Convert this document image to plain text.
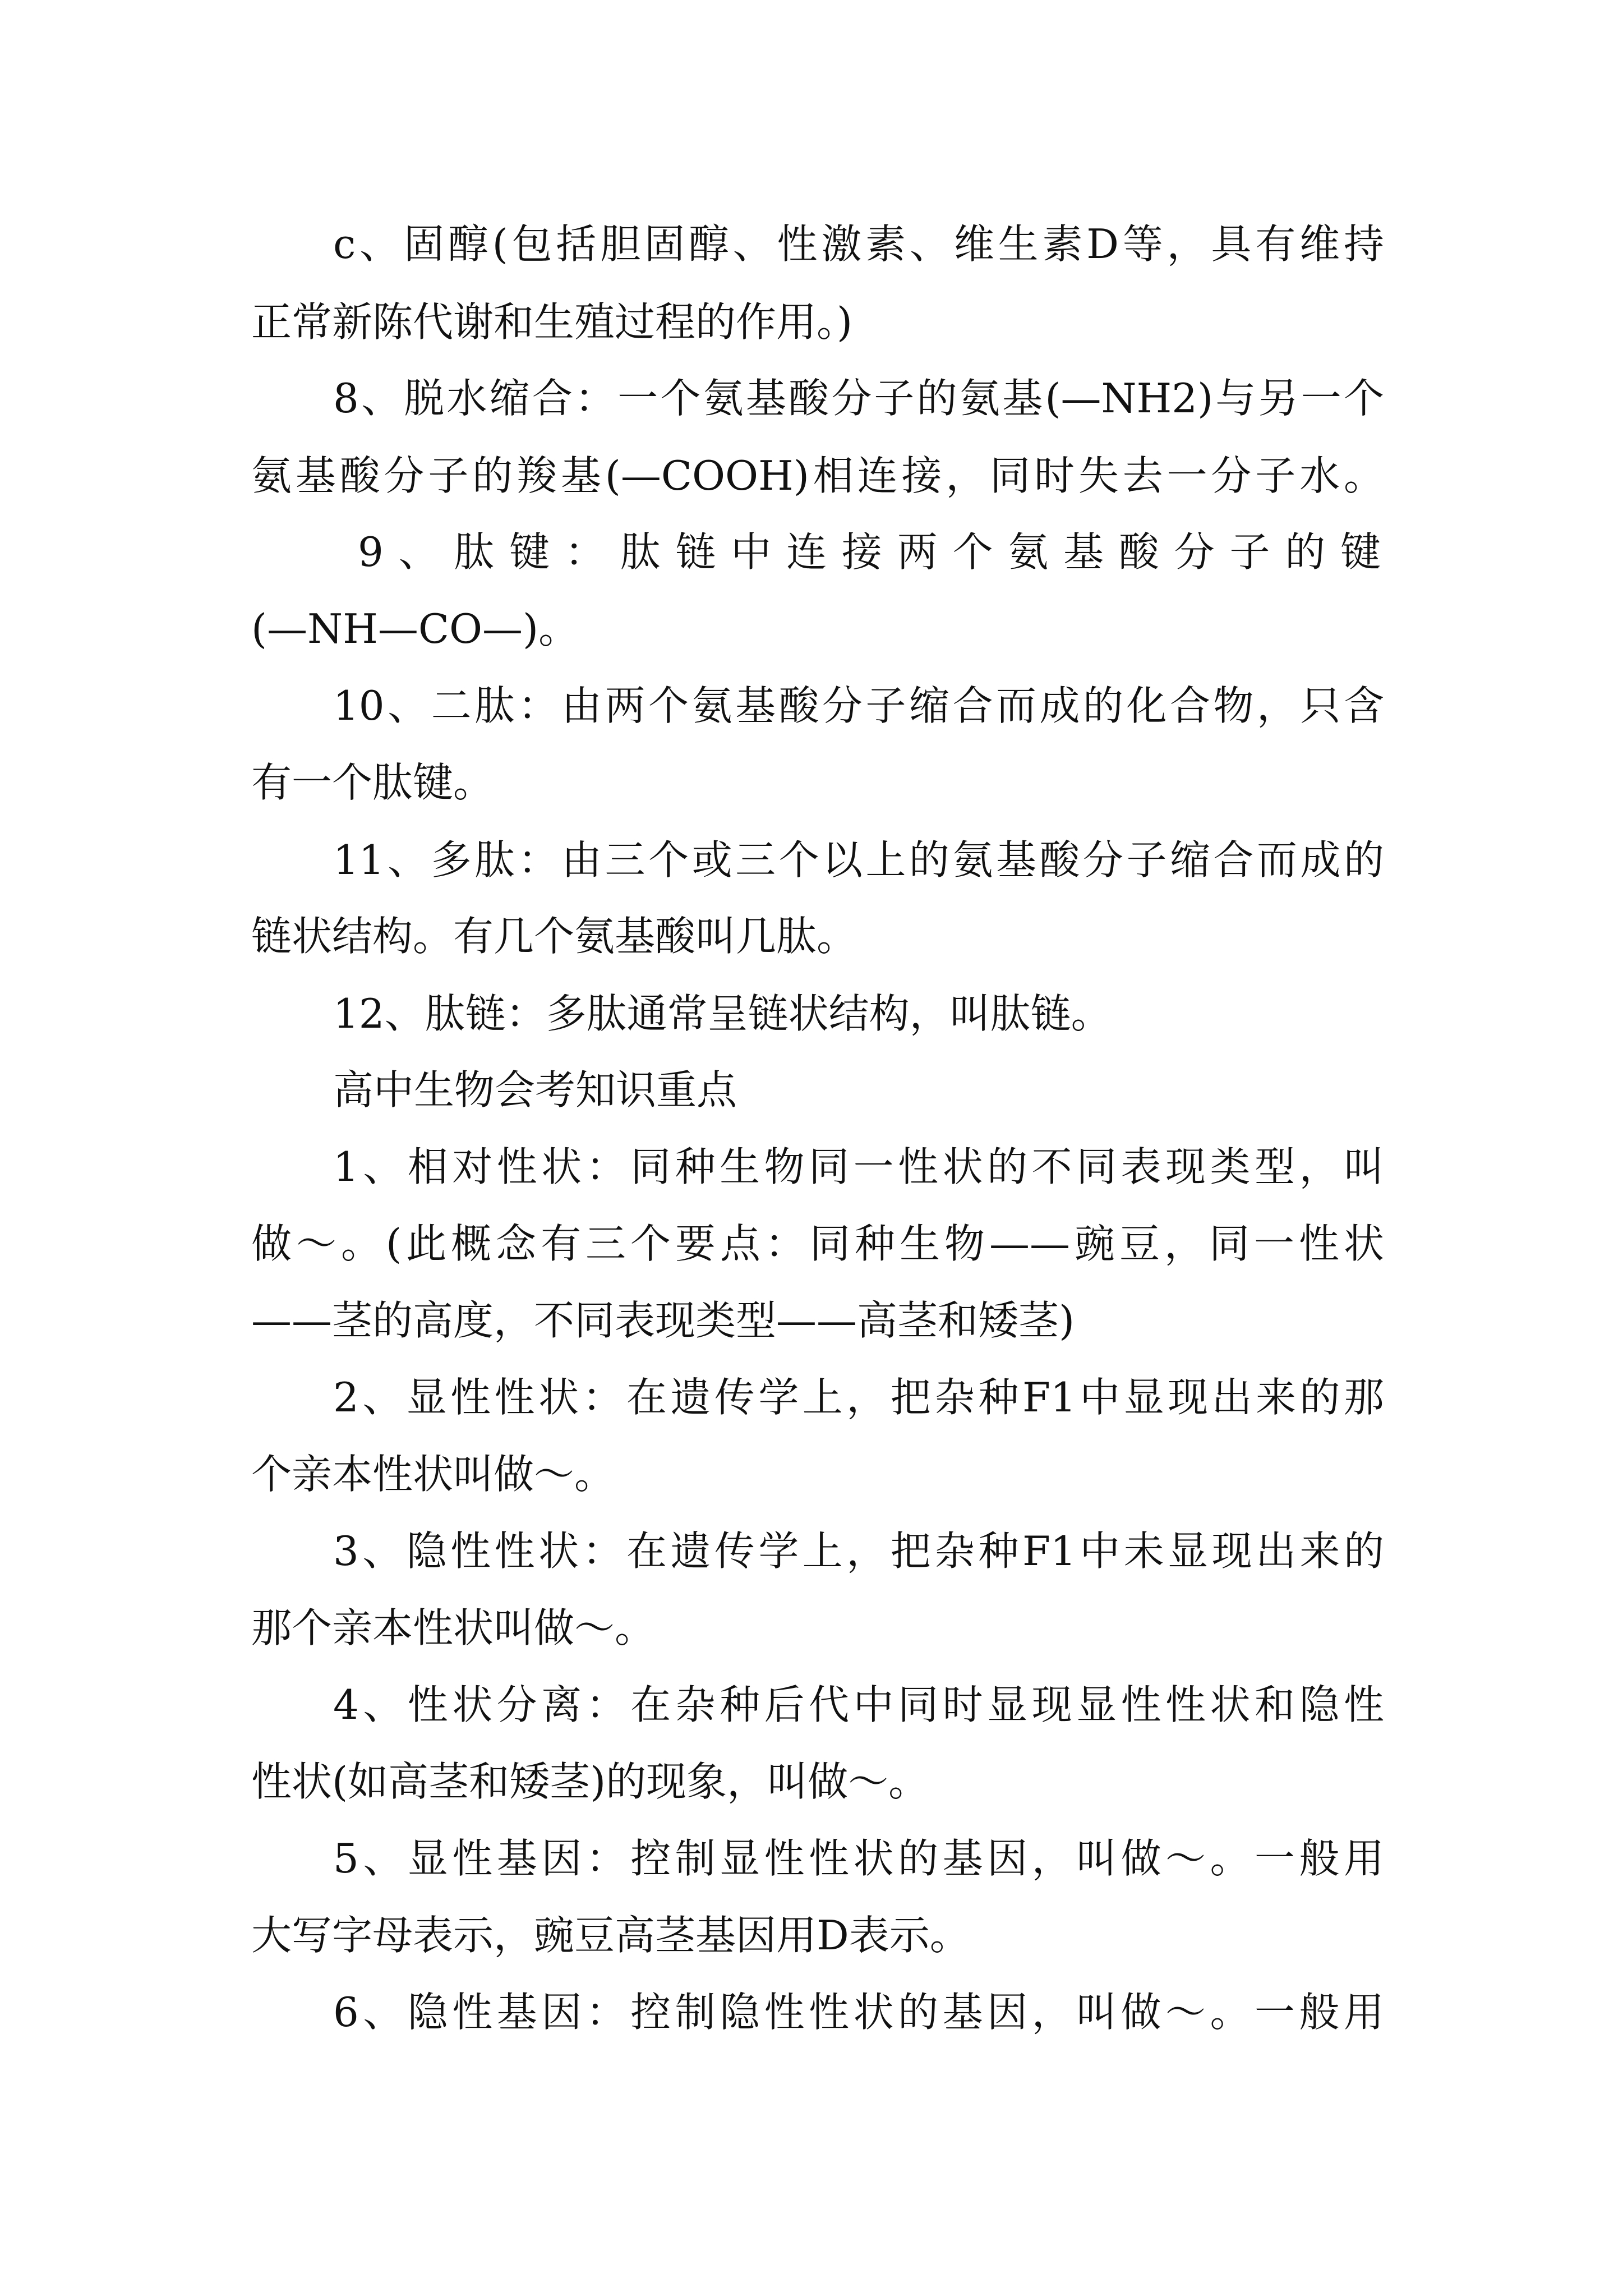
c、固醇(包括胆固醇、性激素、维生素D等，具有维持
正常新陈代谢和生殖过程的作用。)
8、脱水缩合：一个氨基酸分子的氨基(—NH2)与另一个
氨基酸分子的羧基(—COOH)相连接，同时失去一分子水。
9、肽键：肽链中连接两个氨基酸分子的键
(—NH—CO—)。
10、二肽：由两个氨基酸分子缩合而成的化合物，只含
有一个肽键。
11、多肽：由三个或三个以上的氨基酸分子缩合而成的
链状结构。有几个氨基酸叫几肽。
12、肽链：多肽通常呈链状结构，叫肽链。
高中生物会考知识重点
1、相对性状：同种生物同一性状的不同表现类型，叫
做～。(此概念有三个要点：同种生物——豌豆，同一性状
——茎的高度，不同表现类型——高茎和矮茎)
2、显性性状：在遗传学上，把杂种F1中显现出来的那
个亲本性状叫做～。
3、隐性性状：在遗传学上，把杂种F1中未显现出来的
那个亲本性状叫做～。
4、性状分离：在杂种后代中同时显现显性性状和隐性
性状(如高茎和矮茎)的现象，叫做～。
5、显性基因：控制显性性状的基因，叫做～。一般用
大写字母表示，豌豆高茎基因用D表示。
6、隐性基因：控制隐性性状的基因，叫做～。一般用
